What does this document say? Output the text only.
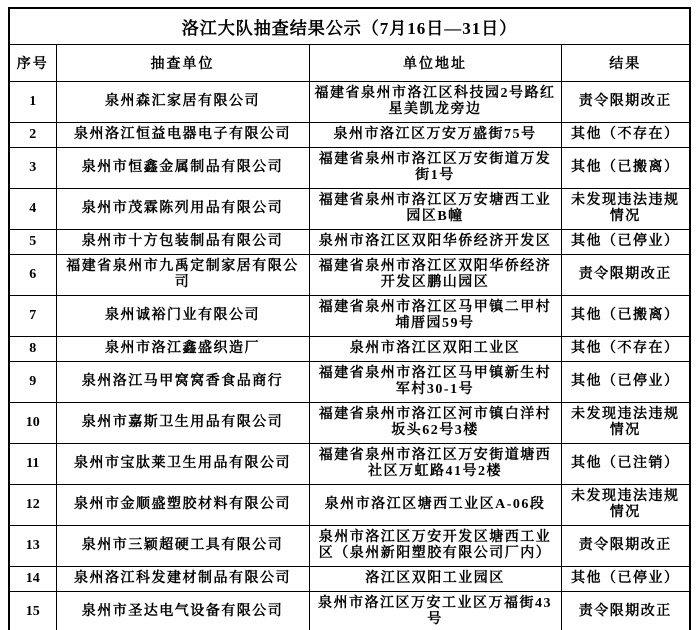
洛江大队抽查结果公示（7月16日—31日）			
序号	抽查单位	单位地址	结果
1	泉州森汇家居有限公司	福建省泉州市洛江区科技园2号路红星美凯龙旁边	责令限期改正
2	泉州洛江恒益电器电子有限公司	泉州市洛江区万安万盛街75号	其他（不存在）
3	泉州市恒鑫金属制品有限公司	福建省泉州市洛江区万安街道万发街1号	其他（已搬离）
4	泉州市茂霖陈列用品有限公司	福建省泉州市洛江区万安塘西工业园区B幢	未发现违法违规情况
5	泉州市十方包装制品有限公司	泉州市洛江区双阳华侨经济开发区	其他（已停业）
6	福建省泉州市九禹定制家居有限公司	福建省泉州市洛江区双阳华侨经济开发区鹏山园区	责令限期改正
7	泉州诚裕门业有限公司	福建省泉州市洛江区马甲镇二甲村埔厝园59号	其他（已搬离）
8	泉州市洛江鑫盛织造厂	泉州市洛江区双阳工业区	其他（不存在）
9	泉州洛江马甲窝窝香食品商行	福建省泉州市洛江区马甲镇新生村军村30-1号	其他（已停业）
10	泉州市嘉斯卫生用品有限公司	福建省泉州市洛江区河市镇白洋村坂头62号3楼	未发现违法违规情况
11	泉州市宝肽莱卫生用品有限公司	福建省泉州市洛江区万安街道塘西社区万虹路41号2楼	其他（已注销）
12	泉州市金顺盛塑胶材料有限公司	泉州市洛江区塘西工业区A-06段	未发现违法违规情况
13	泉州市三颖超硬工具有限公司	泉州市洛江区万安开发区塘西工业区（泉州新阳塑胶有限公司厂内）	责令限期改正
14	泉州洛江科发建材制品有限公司	洛江区双阳工业园区	其他（已停业）
15	泉州市圣达电气设备有限公司	泉州市洛江区万安工业区万福街43号	责令限期改正
